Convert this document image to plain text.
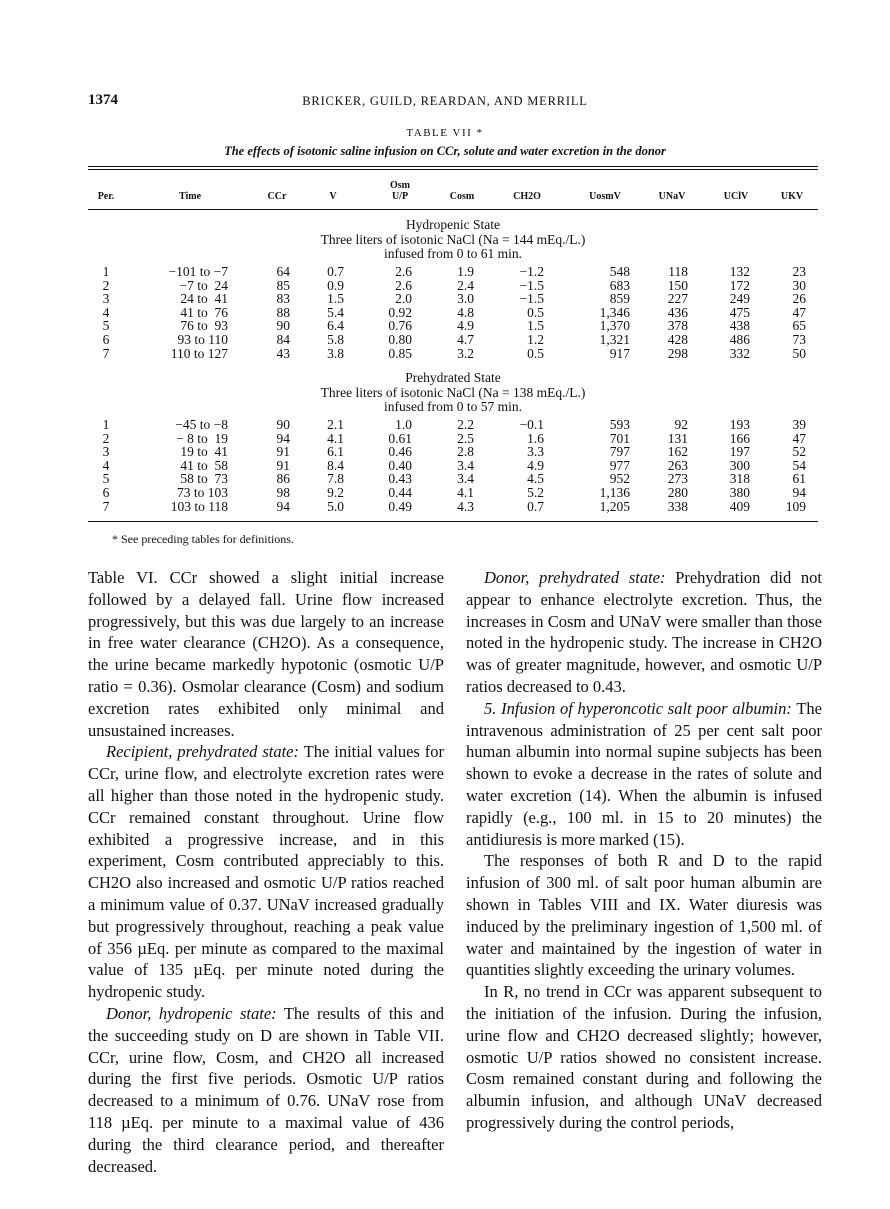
1374	BRICKER, GUILD, REARDAN, AND MERRILL
TABLE VII *
The effects of isotonic saline infusion on CCr, solute and water excretion in the donor
Per.	Time	CCr	V
Osm
U/P	Cosm	CH2O	UosmV	UNaV	UClV	UKV
Hydropenic State
Three liters of isotonic NaCl (Na = 144 mEq./L.)
infused from 0 to 61 min.
1	−101 to −7	64	0.7	2.6	1.9	−1.2	548	118	132	23
2	−7 to  24	85	0.9	2.6	2.4	−1.5	683	150	172	30
3	24 to  41	83	1.5	2.0	3.0	−1.5	859	227	249	26
4	41 to  76	88	5.4	0.92	4.8	0.5	1,346	436	475	47
5	76 to  93	90	6.4	0.76	4.9	1.5	1,370	378	438	65
6	93 to 110	84	5.8	0.80	4.7	1.2	1,321	428	486	73
7	110 to 127	43	3.8	0.85	3.2	0.5	917	298	332	50
Prehydrated State
Three liters of isotonic NaCl (Na = 138 mEq./L.)
infused from 0 to 57 min.
1	−45 to −8	90	2.1	1.0	2.2	−0.1	593	92	193	39
2	− 8 to  19	94	4.1	0.61	2.5	1.6	701	131	166	47
3	19 to  41	91	6.1	0.46	2.8	3.3	797	162	197	52
4	41 to  58	91	8.4	0.40	3.4	4.9	977	263	300	54
5	58 to  73	86	7.8	0.43	3.4	4.5	952	273	318	61
6	73 to 103	98	9.2	0.44	4.1	5.2	1,136	280	380	94
7	103 to 118	94	5.0	0.49	4.3	0.7	1,205	338	409	109
* See preceding tables for definitions.

Table VI. CCr showed a slight initial increase followed by a delayed fall. Urine flow increased progressively, but this was due largely to an increase in free water clearance (CH2O). As a consequence, the urine became markedly hypotonic (osmotic U/P ratio = 0.36). Osmolar clearance (Cosm) and sodium excretion rates exhibited only minimal and unsustained increases.

Recipient, prehydrated state: The initial values for CCr, urine flow, and electrolyte excretion rates were all higher than those noted in the hydropenic study. CCr remained constant throughout. Urine flow exhibited a progressive increase, and in this experiment, Cosm contributed appreciably to this. CH2O also increased and osmotic U/P ratios reached a minimum value of 0.37. UNaV increased gradually but progressively throughout, reaching a peak value of 356 µEq. per minute as compared to the maximal value of 135 µEq. per minute noted during the hydropenic study.

Donor, hydropenic state: The results of this and the succeeding study on D are shown in Table VII. CCr, urine flow, Cosm, and CH2O all increased during the first five periods. Osmotic U/P ratios decreased to a minimum of 0.76. UNaV rose from 118 µEq. per minute to a maximal value of 436 during the third clearance period, and thereafter decreased.

Donor, prehydrated state: Prehydration did not appear to enhance electrolyte excretion. Thus, the increases in Cosm and UNaV were smaller than those noted in the hydropenic study. The increase in CH2O was of greater magnitude, however, and osmotic U/P ratios decreased to 0.43.

5. Infusion of hyperoncotic salt poor albumin: The intravenous administration of 25 per cent salt poor human albumin into normal supine subjects has been shown to evoke a decrease in the rates of solute and water excretion (14). When the albumin is infused rapidly (e.g., 100 ml. in 15 to 20 minutes) the antidiuresis is more marked (15).

The responses of both R and D to the rapid infusion of 300 ml. of salt poor human albumin are shown in Tables VIII and IX. Water diuresis was induced by the preliminary ingestion of 1,500 ml. of water and maintained by the ingestion of water in quantities slightly exceeding the urinary volumes.

In R, no trend in CCr was apparent subsequent to the initiation of the infusion. During the infusion, urine flow and CH2O decreased slightly; however, osmotic U/P ratios showed no consistent increase. Cosm remained constant during and following the albumin infusion, and although UNaV decreased progressively during the control periods,
